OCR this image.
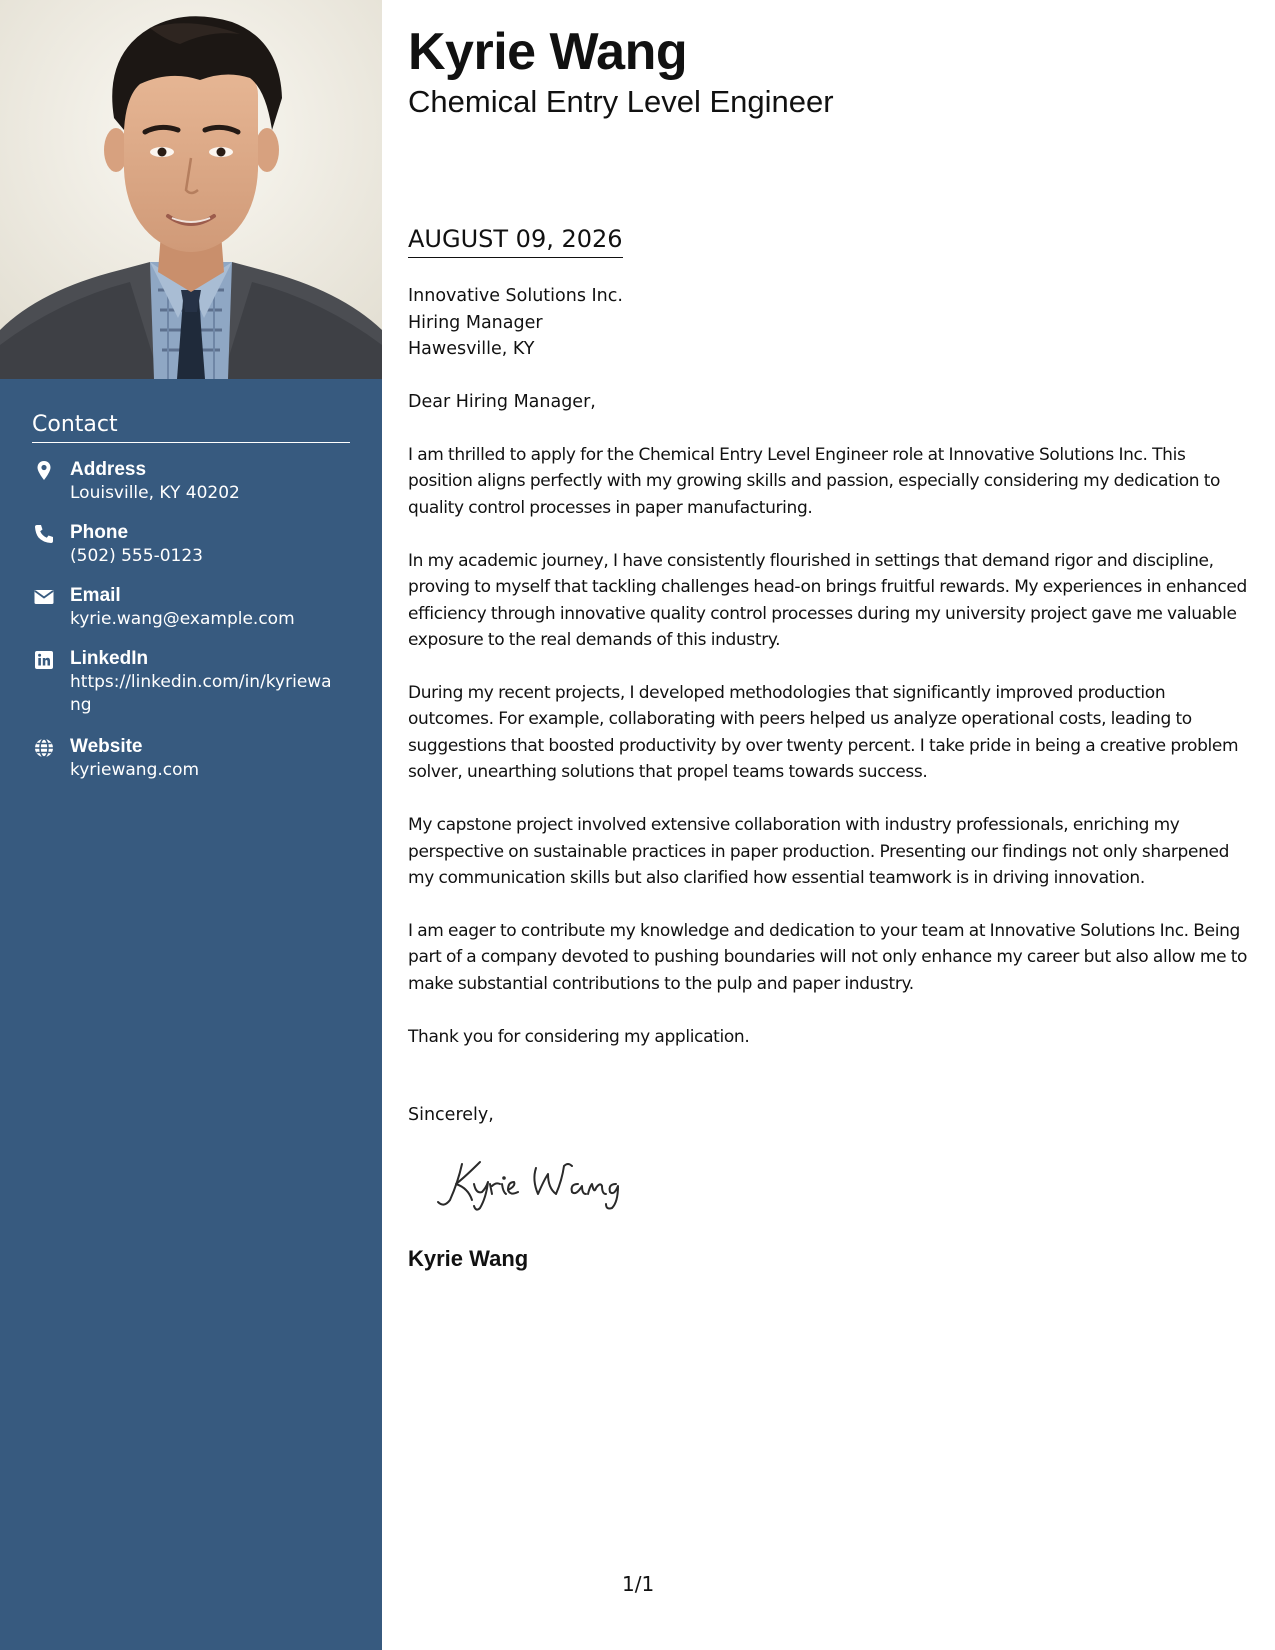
Contact
Address
Louisville, KY 40202
Phone
(502) 555-0123
Email
kyrie.wang@example.com
LinkedIn
https://linkedin.com/in/kyriewang
Website
kyriewang.com
Kyrie Wang
Chemical Entry Level Engineer
AUGUST 09, 2026
Innovative Solutions Inc.
Hiring Manager
Hawesville, KY
Dear Hiring Manager,

I am thrilled to apply for the Chemical Entry Level Engineer role at Innovative Solutions Inc. This position aligns perfectly with my growing skills and passion, especially considering my dedication to quality control processes in paper manufacturing.

In my academic journey, I have consistently flourished in settings that demand rigor and discipline, proving to myself that tackling challenges head-on brings fruitful rewards. My experiences in enhanced efficiency through innovative quality control processes during my university project gave me valuable exposure to the real demands of this industry.

During my recent projects, I developed methodologies that significantly improved production outcomes. For example, collaborating with peers helped us analyze operational costs, leading to suggestions that boosted productivity by over twenty percent. I take pride in being a creative problem solver, unearthing solutions that propel teams towards success.

My capstone project involved extensive collaboration with industry professionals, enriching my perspective on sustainable practices in paper production. Presenting our findings not only sharpened my communication skills but also clarified how essential teamwork is in driving innovation.

I am eager to contribute my knowledge and dedication to your team at Innovative Solutions Inc. Being part of a company devoted to pushing boundaries will not only enhance my career but also allow me to make substantial contributions to the pulp and paper industry.

Thank you for considering my application.

Sincerely,
Kyrie Wang
1/1
